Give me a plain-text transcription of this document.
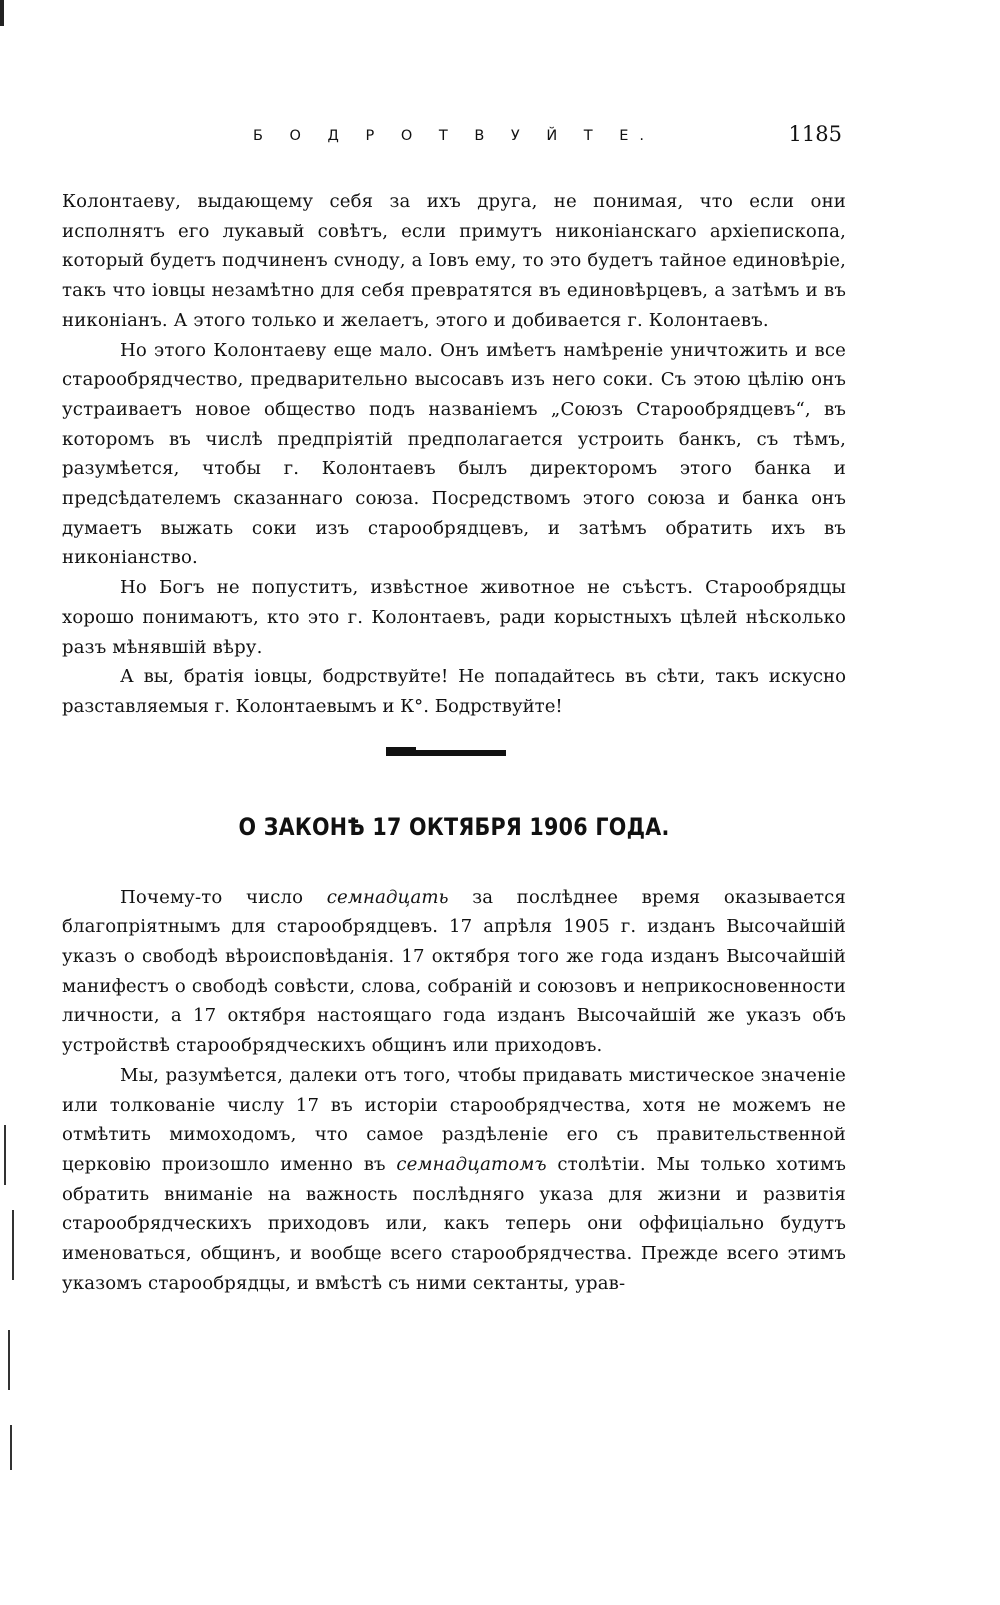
Б О Д Р О Т В У Й Т Е.	1185

Колонтаеву, выдающему себя за ихъ друга, не понимая, что если они исполнятъ его лукавый совѣтъ, если примутъ никоніанскаго архіепископа, который будетъ подчиненъ сvноду, а Іовъ ему, то это будетъ тайное единовѣріе, такъ что іовцы незамѣтно для себя превратятся въ единовѣрцевъ, а затѣмъ и въ никоніанъ. А этого только и желаетъ, этого и добивается г. Колонтаевъ.

Но этого Колонтаеву еще мало. Онъ имѣетъ намѣреніе уничтожить и все старообрядчество, предварительно высосавъ изъ него соки. Съ этою цѣлію онъ устраиваетъ новое общество подъ названіемъ „Союзъ Старообрядцевъ“, въ которомъ въ числѣ предпріятій предполагается устроить банкъ, съ тѣмъ, разумѣется, чтобы г. Колонтаевъ былъ директоромъ этого банка и предсѣдателемъ сказаннаго союза. Посредствомъ этого союза и банка онъ думаетъ выжать соки изъ старообрядцевъ, и затѣмъ обратить ихъ въ никоніанство.

Но Богъ не попуститъ, извѣстное животное не съѣстъ. Старообрядцы хорошо понимаютъ, кто это г. Колонтаевъ, ради корыстныхъ цѣлей нѣсколько разъ мѣнявшій вѣру.

А вы, братія іовцы, бодрствуйте! Не попадайтесь въ сѣти, такъ искусно разставляемыя г. Колонтаевымъ и К°. Бодрствуйте!

О ЗАКОНѢ 17 ОКТЯБРЯ 1906 ГОДА.

Почему-то число семнадцать за послѣднее время оказывается благопріятнымъ для старообрядцевъ. 17 апрѣля 1905 г. изданъ Высочайшій указъ о свободѣ вѣроисповѣданія. 17 октября того же года изданъ Высочайшій манифестъ о свободѣ совѣсти, слова, собраній и союзовъ и неприкосновенности личности, а 17 октября настоящаго года изданъ Высочайшій же указъ объ устройствѣ старообрядческихъ общинъ или приходовъ.

Мы, разумѣется, далеки отъ того, чтобы придавать мистическое значеніе или толкованіе числу 17 въ исторіи старообрядчества, хотя не можемъ не отмѣтить мимоходомъ, что самое раздѣленіе его съ правительственной церковію произошло именно въ семнадцатомъ столѣтіи. Мы только хотимъ обратить вниманіе на важность послѣдняго указа для жизни и развитія старообрядческихъ приходовъ или, какъ теперь они оффиціально будутъ именоваться, общинъ, и вообще всего старообрядчества. Прежде всего этимъ указомъ старообрядцы, и вмѣстѣ съ ними сектанты, урав-
